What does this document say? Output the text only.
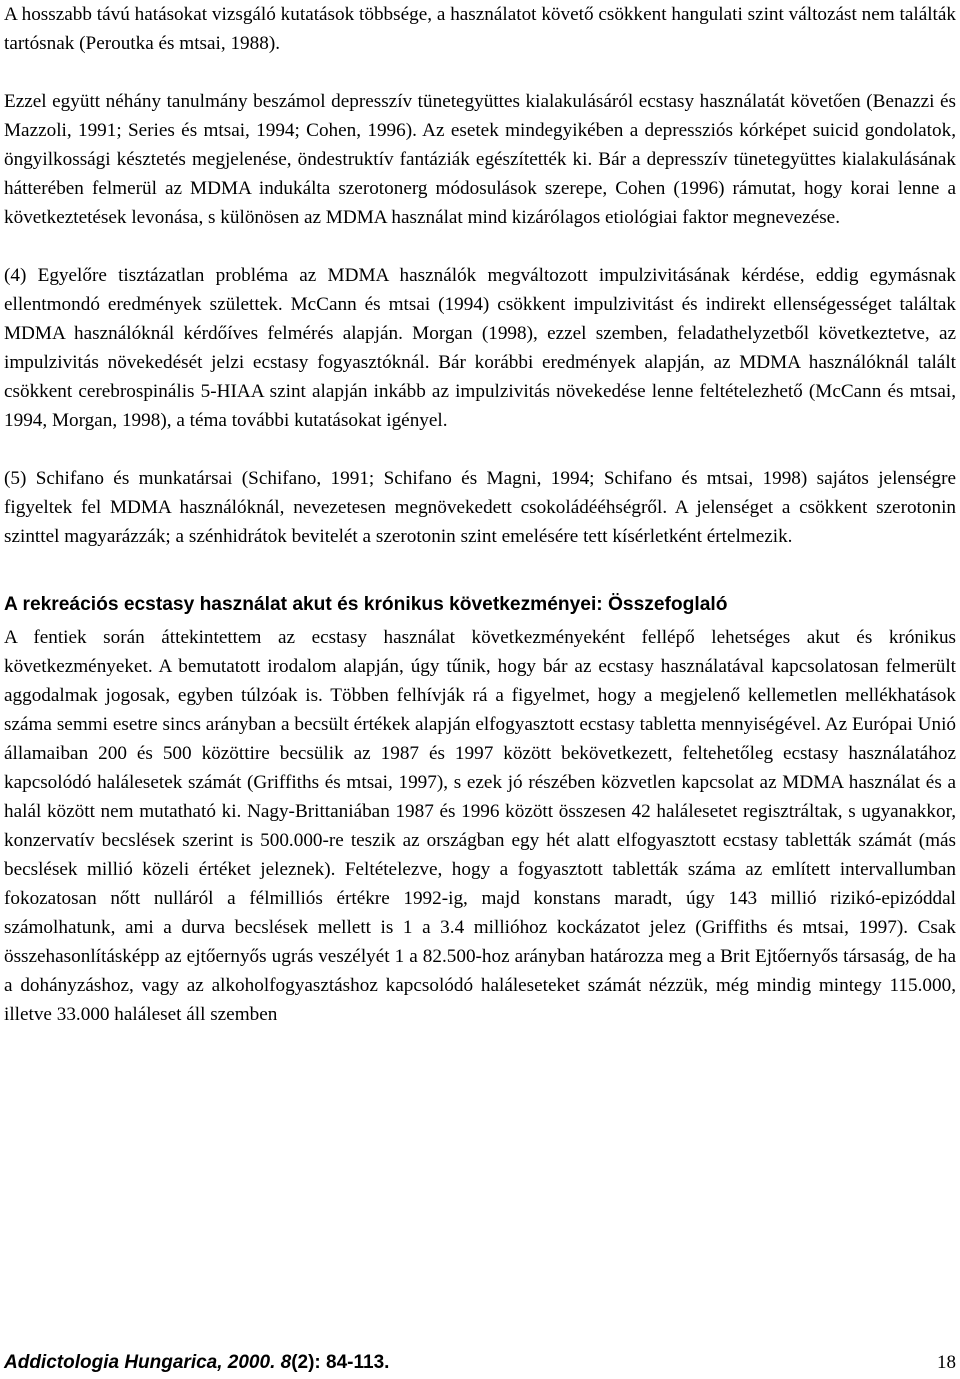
A hosszabb távú hatásokat vizsgáló kutatások többsége, a használatot követő csökkent hangulati szint változást nem találták tartósnak (Peroutka és mtsai, 1988).

Ezzel együtt néhány tanulmány beszámol depresszív tünetegyüttes kialakulásáról ecstasy használatát követően (Benazzi és Mazzoli, 1991; Series és mtsai, 1994; Cohen, 1996). Az esetek mindegyikében a depressziós kórképet suicid gondolatok, öngyilkossági késztetés megjelenése, öndestruktív fantáziák egészítették ki. Bár a depresszív tünetegyüttes kialakulásának hátterében felmerül az MDMA indukálta szerotonerg módosulások szerepe, Cohen (1996) rámutat, hogy korai lenne a következtetések levonása, s különösen az MDMA használat mind kizárólagos etiológiai faktor megnevezése.

(4) Egyelőre tisztázatlan probléma az MDMA használók megváltozott impulzivitásának kérdése, eddig egymásnak ellentmondó eredmények születtek. McCann és mtsai (1994) csökkent impulzivitást és indirekt ellenségességet találtak MDMA használóknál kérdőíves felmérés alapján. Morgan (1998), ezzel szemben, feladathelyzetből következtetve, az impulzivitás növekedését jelzi ecstasy fogyasztóknál. Bár korábbi eredmények alapján, az MDMA használóknál talált csökkent cerebrospinális 5-HIAA szint alapján inkább az impulzivitás növekedése lenne feltételezhető (McCann és mtsai, 1994, Morgan, 1998), a téma további kutatásokat igényel.

(5) Schifano és munkatársai (Schifano, 1991; Schifano és Magni, 1994; Schifano és mtsai, 1998) sajátos jelenségre figyeltek fel MDMA használóknál, nevezetesen megnövekedett csokoládééhségről. A jelenséget a csökkent szerotonin szinttel magyarázzák; a szénhidrátok bevitelét a szerotonin szint emelésére tett kísérletként értelmezik.

A rekreációs ecstasy használat akut és krónikus következményei: Összefoglaló

A fentiek során áttekintettem az ecstasy használat következményeként fellépő lehetséges akut és krónikus következményeket. A bemutatott irodalom alapján, úgy tűnik, hogy bár az ecstasy használatával kapcsolatosan felmerült aggodalmak jogosak, egyben túlzóak is. Többen felhívják rá a figyelmet, hogy a megjelenő kellemetlen mellékhatások száma semmi esetre sincs arányban a becsült értékek alapján elfogyasztott ecstasy tabletta mennyiségével. Az Európai Unió államaiban 200 és 500 közöttire becsülik az 1987 és 1997 között bekövetkezett, feltehetőleg ecstasy használatához kapcsolódó halálesetek számát (Griffiths és mtsai, 1997), s ezek jó részében közvetlen kapcsolat az MDMA használat és a halál között nem mutatható ki. Nagy-Brittaniában 1987 és 1996 között összesen 42 halálesetet regisztráltak, s ugyanakkor, konzervatív becslések szerint is 500.000-re teszik az országban egy hét alatt elfogyasztott ecstasy tabletták számát (más becslések millió közeli értéket jeleznek). Feltételezve, hogy a fogyasztott tabletták száma az említett intervallumban fokozatosan nőtt nulláról a félmilliós értékre 1992-ig, majd konstans maradt, úgy 143 millió rizikó-epizóddal számolhatunk, ami a durva becslések mellett is 1 a 3.4 millióhoz kockázatot jelez (Griffiths és mtsai, 1997). Csak összehasonlításképp az ejtőernyős ugrás veszélyét 1 a 82.500-hoz arányban határozza meg a Brit Ejtőernyős társaság, de ha a dohányzáshoz, vagy az alkoholfogyasztáshoz kapcsolódó haláleseteket számát nézzük, még mindig mintegy 115.000, illetve 33.000 haláleset áll szemben

Addictologia Hungarica, 2000. 8(2): 84-113.	18
